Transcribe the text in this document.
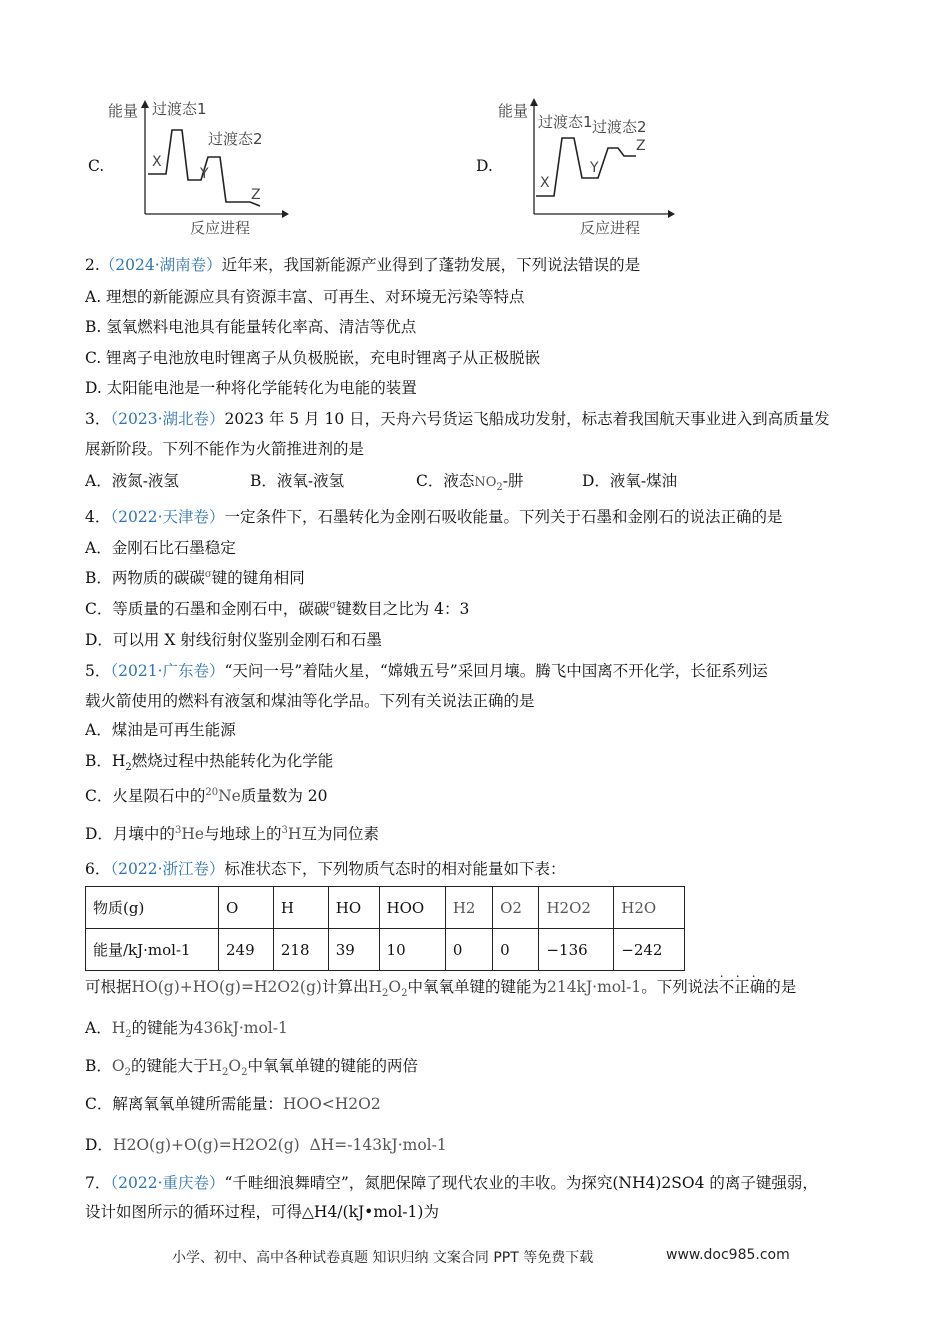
C.
能量 过渡态1
过渡态2
X
Y
Z
反应进程
D.
能量
过渡态1 过渡态2
X
Y
Z
反应进程
2.（2024·湖南卷）近年来，我国新能源产业得到了蓬勃发展，下列说法错误的是
A. 理想的新能源应具有资源丰富、可再生、对环境无污染等特点
B. 氢氧燃料电池具有能量转化率高、清洁等优点
C. 锂离子电池放电时锂离子从负极脱嵌，充电时锂离子从正极脱嵌
D. 太阳能电池是一种将化学能转化为电能的装置
3．（2023·湖北卷）2023 年 5 月 10 日，天舟六号货运飞船成功发射，标志着我国航天事业进入到高质量发
展新阶段。下列不能作为火箭推进剂的是
A．液氮-液氢	B．液氧-液氢	C．液态$NO_2-$肼	D．液氧-煤油
4．（2022·天津卷）一定条件下，石墨转化为金刚石吸收能量。下列关于石墨和金刚石的说法正确的是
A．金刚石比石墨稳定
B．两物质的碳碳$^\sigma$键的键角相同
C．等质量的石墨和金刚石中，碳碳$^\sigma$键数目之比为 4：3
D．可以用 X 射线衍射仪鉴别金刚石和石墨
5．（2021·广东卷）“天问一号”着陆火星，“嫦娥五号”采回月壤。腾飞中国离不开化学，长征系列运
载火箭使用的燃料有液氢和煤油等化学品。下列有关说法正确的是
A．煤油是可再生能源
B．$H_2$燃烧过程中热能转化为化学能
C．火星陨石中的$^{20}$Ne质量数为 20
D．月壤中的$^3$He与地球上的$^3$H互为同位素
6．（2022·浙江卷）标准状态下，下列物质气态时的相对能量如下表：
物质(g)	O	H	HO	HOO	H2	O2	H2O2	H2O
能量/kJ·mol-1	249	218	39	10	0	0	−136	−242
可根据HO(g)+HO(g)=H2O2(g)计算出$H_2O_2$中氧氧单键的键能为214kJ·mol-1。下列说法
. . .
不正确的是
A．$H_2$的键能为436kJ·mol-1
B．$O_2$的键能大于$H_2O_2$中氧氧单键的键能的两倍
C．解离氧氧单键所需能量：HOO<H2O2
D．H2O(g)+O(g)=H2O2(g) ΔH=-143kJ·mol-1
7．（2022·重庆卷）“千畦细浪舞晴空”，氮肥保障了现代农业的丰收。为探究(NH4)2SO4 的离子键强弱，
设计如图所示的循环过程，可得△H4/(kJ•mol-1)为
小学、初中、高中各种试卷真题 知识归纳 文案合同 PPT 等免费下载	www.doc985.com
